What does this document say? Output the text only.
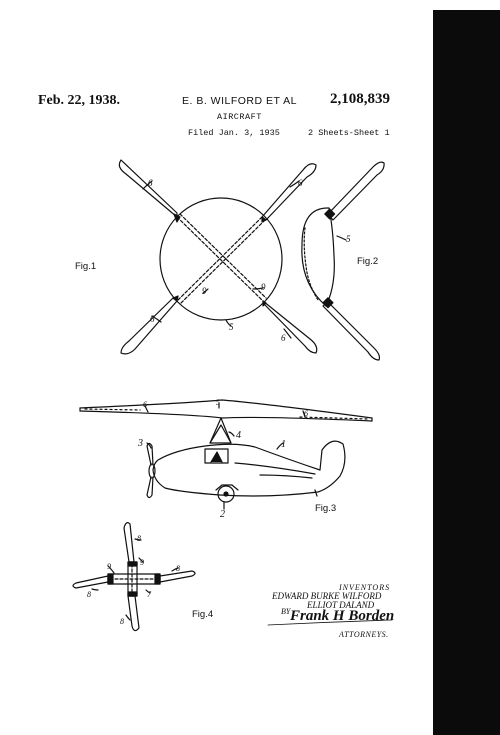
Feb. 22, 1938.	E. B. WILFORD ET AL 2,108,839
AIRCRAFT
Filed Jan. 3, 1935	2 Sheets-Sheet 1
6	6
6
6
9	9
5
5
6	5
6
4
1
3
2
8
9
9	8
7
8
8
Fig.1	Fig.2
Fig.3
Fig.4
INVENTORS
EDWARD BURKE WILFORD
ELLIOT DALAND
BY Frank H Borden
ATTORNEYS.
